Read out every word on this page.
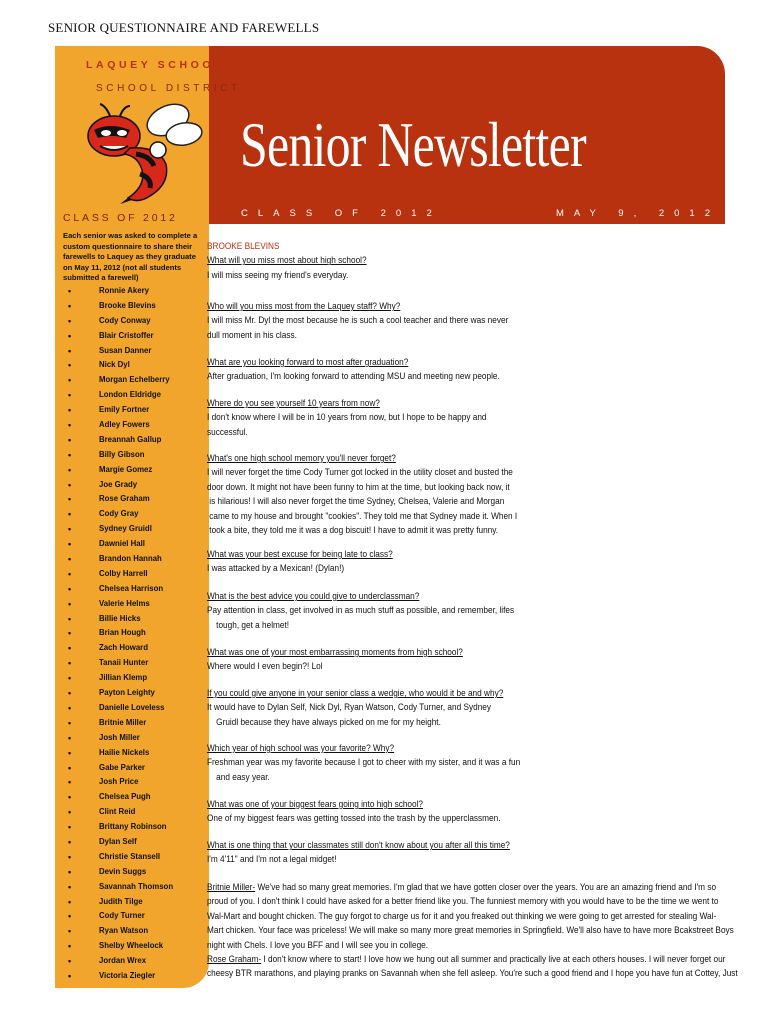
SENIOR QUESTIONNAIRE AND FAREWELLS
LAQUEY SCHOOL R-V
SCHOOL DISTRICT
Senior Newsletter
CLASS OF 2012	MAY 9, 2012
CLASS OF 2012
Each senior was asked to complete a custom questionnaire to share their farewells to Laquey as they graduate on May 11, 2012 (not all students submitted a farewell)
• Ronnie Akery
• Brooke Blevins
• Cody Conway
• Blair Cristoffer
• Susan Danner
• Nick Dyl
• Morgan Echelberry
• London Eldridge
• Emily Fortner
• Adley Fowers
• Breannah Gallup
• Billy Gibson
• Margie Gomez
• Joe Grady
• Rose Graham
• Cody Gray
• Sydney Gruidl
• Dawniel Hall
• Brandon Hannah
• Colby Harrell
• Chelsea Harrison
• Valerie Helms
• Billie Hicks
• Brian Hough
• Zach Howard
• Tanaii Hunter
• Jillian Klemp
• Payton Leighty
• Danielle Loveless
• Britnie Miller
• Josh Miller
• Hailie Nickels
• Gabe Parker
• Josh Price
• Chelsea Pugh
• Clint Reid
• Brittany Robinson
• Dylan Self
• Christie Stansell
• Devin Suggs
• Savannah Thomson
• Judith Tilge
• Cody Turner
• Ryan Watson
• Shelby Wheelock
• Jordan Wrex
• Victoria Ziegler
BROOKE BLEVINS
What will you miss most about high school?
I will miss seeing my friend's everyday.
Who will you miss most from the Laquey staff? Why?
I will miss Mr. Dyl the most because he is such a cool teacher and there was never
dull moment in his class.
What are you looking forward to most after graduation?
After graduation, I'm looking forward to attending MSU and meeting new people.
Where do you see yourself 10 years from now?
I don't know where I will be in 10 years from now, but I hope to be happy and
successful.
What's one high school memory you'll never forget?
I will never forget the time Cody Turner got locked in the utility closet and busted the
door down. It might not have been funny to him at the time, but looking back now, it
is hilarious! I will also never forget the time Sydney, Chelsea, Valerie and Morgan
came to my house and brought "cookies". They told me that Sydney made it. When I
took a bite, they told me it was a dog biscuit! I have to admit it was pretty funny.
What was your best excuse for being late to class?
I was attacked by a Mexican! (Dylan!)
What is the best advice you could give to underclassman?
Pay attention in class, get involved in as much stuff as possible, and remember, lifes
tough, get a helmet!
What was one of your most embarrassing moments from high school?
Where would I even begin?! Lol
If you could give anyone in your senior class a wedgie, who would it be and why?
It would have to Dylan Self, Nick Dyl, Ryan Watson, Cody Turner, and Sydney
Gruidl because they have always picked on me for my height.
Which year of high school was your favorite? Why?
Freshman year was my favorite because I got to cheer with my sister, and it was a fun
and easy year.
What was one of your biggest fears going into high school?
One of my biggest fears was getting tossed into the trash by the upperclassmen.
What is one thing that your classmates still don't know about you after all this time?
I'm 4'11" and I'm not a legal midget!
Britnie Miller- We've had so many great memories. I'm glad that we have gotten closer over the years. You are an amazing friend and I'm so
proud of you. I don't think I could have asked for a better friend like you. The funniest memory with you would have to be the time we went to
Wal-Mart and bought chicken. The guy forgot to charge us for it and you freaked out thinking we were going to get arrested for stealing Wal-
Mart chicken. Your face was priceless! We will make so many more great memories in Springfield. We'll also have to have more Bcakstreet Boys
night with Chels. I love you BFF and I will see you in college.
Rose Graham- I don't know where to start! I love how we hung out all summer and practically live at each others houses. I will never forget our
cheesy BTR marathons, and playing pranks on Savannah when she fell asleep. You're such a good friend and I hope you have fun at Cottey, Just
